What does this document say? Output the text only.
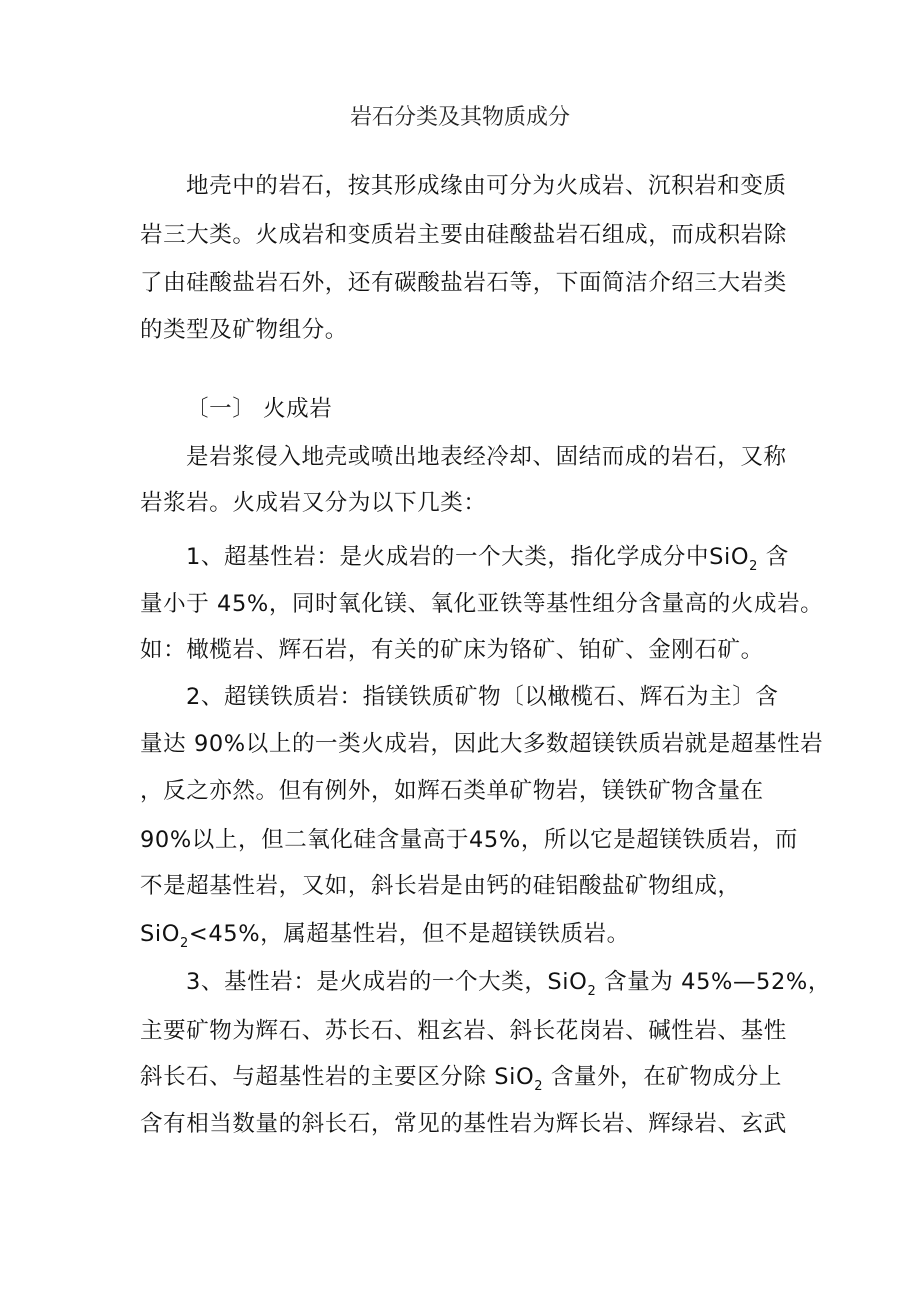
岩石分类及其物质成分
地壳中的岩石，按其形成缘由可分为火成岩、沉积岩和变质
岩三大类。火成岩和变质岩主要由硅酸盐岩石组成，而成积岩除
了由硅酸盐岩石外，还有碳酸盐岩石等，下面简洁介绍三大岩类
的类型及矿物组分。
〔一〕 火成岩
是岩浆侵入地壳或喷出地表经冷却、固结而成的岩石，又称
岩浆岩。火成岩又分为以下几类：
1、超基性岩：是火成岩的一个大类，指化学成分中SiO$_2$ 含
量小于 45%，同时氧化镁、氧化亚铁等基性组分含量高的火成岩。
如：橄榄岩、辉石岩，有关的矿床为铬矿、铂矿、金刚石矿。
2、超镁铁质岩：指镁铁质矿物〔以橄榄石、辉石为主〕含
量达 90%以上的一类火成岩，因此大多数超镁铁质岩就是超基性岩
，反之亦然。但有例外，如辉石类单矿物岩，镁铁矿物含量在
90%以上，但二氧化硅含量高于45%，所以它是超镁铁质岩，而
不是超基性岩，又如，斜长岩是由钙的硅铝酸盐矿物组成，
SiO$_2$<45%，属超基性岩，但不是超镁铁质岩。
3、基性岩：是火成岩的一个大类，SiO$_2$ 含量为 45%—52%，
主要矿物为辉石、苏长石、粗玄岩、斜长花岗岩、碱性岩、基性
斜长石、与超基性岩的主要区分除 SiO$_2$ 含量外，在矿物成分上
含有相当数量的斜长石，常见的基性岩为辉长岩、辉绿岩、玄武
